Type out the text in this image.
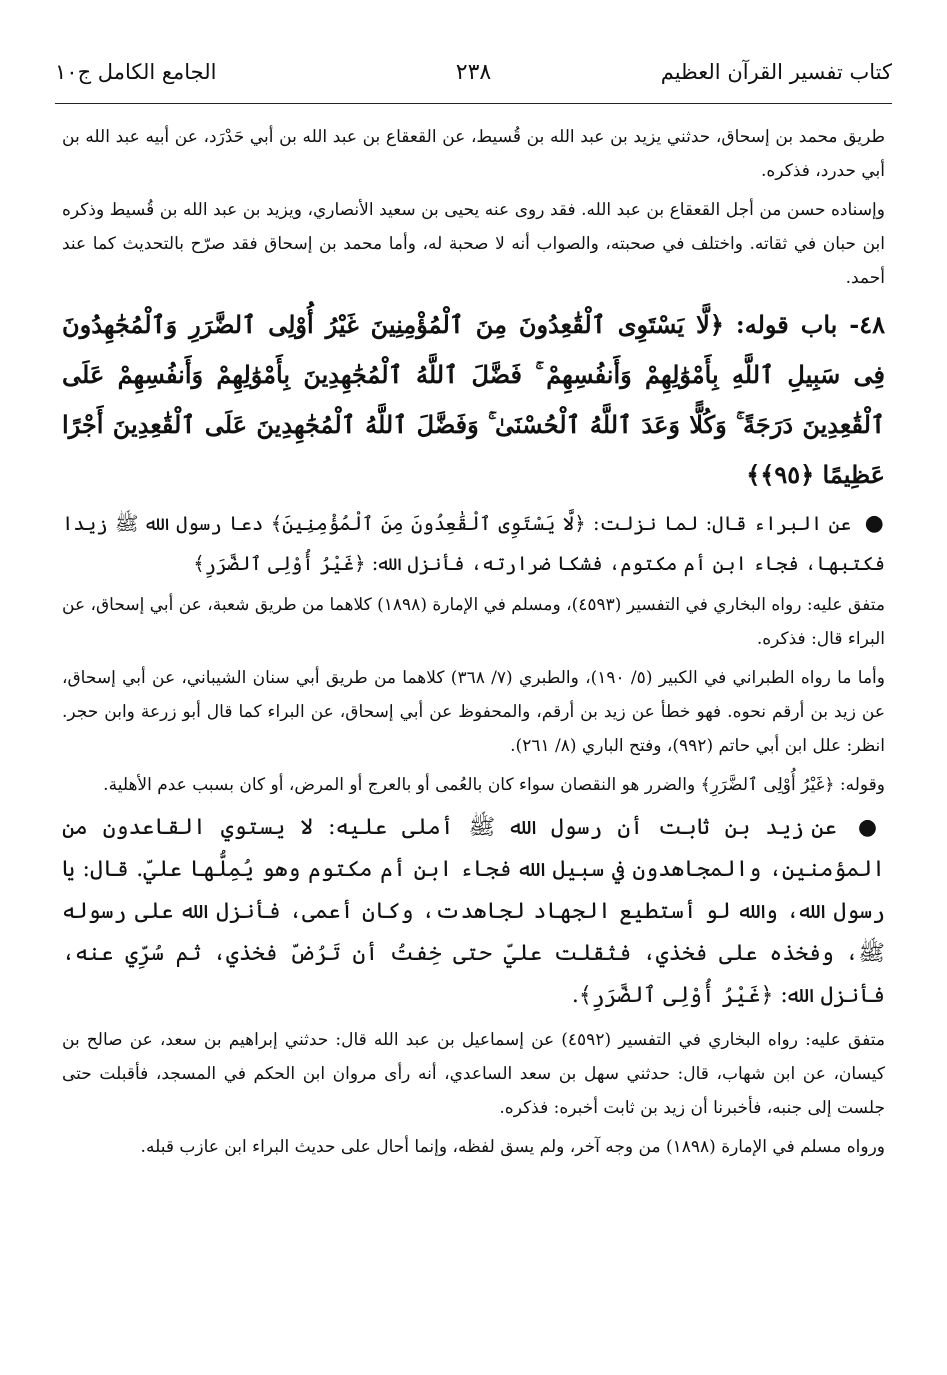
كتاب تفسير القرآن العظيم
٢٣٨
الجامع الكامل ج١٠

طريق محمد بن إسحاق، حدثني يزيد بن عبد الله بن قُسيط، عن القعقاع بن عبد الله بن أبي حَدْرَد، عن أبيه عبد الله بن أبي حدرد، فذكره.

وإسناده حسن من أجل القعقاع بن عبد الله. فقد روى عنه يحيى بن سعيد الأنصاري، ويزيد بن عبد الله بن قُسيط وذكره ابن حبان في ثقاته. واختلف في صحبته، والصواب أنه لا صحبة له، وأما محمد بن إسحاق فقد صرّح بالتحديث كما عند أحمد.

٤٨- باب قوله: ﴿لَّا يَسْتَوِى ٱلْقَٰعِدُونَ مِنَ ٱلْمُؤْمِنِينَ غَيْرُ أُوْلِى ٱلضَّرَرِ وَٱلْمُجَٰهِدُونَ فِى سَبِيلِ ٱللَّهِ بِأَمْوَٰلِهِمْ وَأَنفُسِهِمْ ۚ فَضَّلَ ٱللَّهُ ٱلْمُجَٰهِدِينَ بِأَمْوَٰلِهِمْ وَأَنفُسِهِمْ عَلَى ٱلْقَٰعِدِينَ دَرَجَةً ۚ وَكُلًّا وَعَدَ ٱللَّهُ ٱلْحُسْنَىٰ ۚ وَفَضَّلَ ٱللَّهُ ٱلْمُجَٰهِدِينَ عَلَى ٱلْقَٰعِدِينَ أَجْرًا عَظِيمًا ﴿٩٥﴾﴾

● عن البراء قال: لما نزلت: ﴿لَّا يَسْتَوِى ٱلْقَٰعِدُونَ مِنَ ٱلْمُؤْمِنِينَ﴾ دعا رسول الله ﷺ زيدا فكتبها، فجاء ابن أم مكتوم، فشكا ضرارته، فأنزل الله: ﴿غَيْرُ أُوْلِى ٱلضَّرَرِ﴾

متفق عليه: رواه البخاري في التفسير (٤٥٩٣)، ومسلم في الإمارة (١٨٩٨) كلاهما من طريق شعبة، عن أبي إسحاق، عن البراء قال: فذكره.

وأما ما رواه الطبراني في الكبير (٥/ ١٩٠)، والطبري (٧/ ٣٦٨) كلاهما من طريق أبي سنان الشيباني، عن أبي إسحاق، عن زيد بن أرقم نحوه. فهو خطأ عن زيد بن أرقم، والمحفوظ عن أبي إسحاق، عن البراء كما قال أبو زرعة وابن حجر. انظر: علل ابن أبي حاتم (٩٩٢)، وفتح الباري (٨/ ٢٦١).

وقوله: ﴿غَيْرُ أُوْلِى ٱلضَّرَرِ﴾ والضرر هو النقصان سواء كان بالعُمى أو بالعرج أو المرض، أو كان بسبب عدم الأهلية.

● عن زيد بن ثابت أن رسول الله ﷺ أملى عليه: لا يستوي القاعدون من المؤمنين، والمجاهدون في سبيل الله فجاء ابن أم مكتوم وهو يُمِلُّها عليّ. قال: يا رسول الله، والله لو أستطيع الجهاد لجاهدت، وكان أعمى، فأنزل الله على رسوله ﷺ، وفخذه على فخذي، فثقلت عليّ حتى خِفتُ أن تَرُضّ فخذي، ثم سُرِّي عنه، فأنزل الله: ﴿غَيْرُ أُوْلِى ٱلضَّرَرِ﴾.

متفق عليه: رواه البخاري في التفسير (٤٥٩٢) عن إسماعيل بن عبد الله قال: حدثني إبراهيم بن سعد، عن صالح بن كيسان، عن ابن شهاب، قال: حدثني سهل بن سعد الساعدي، أنه رأى مروان ابن الحكم في المسجد، فأقبلت حتى جلست إلى جنبه، فأخبرنا أن زيد بن ثابت أخبره: فذكره.

ورواه مسلم في الإمارة (١٨٩٨) من وجه آخر، ولم يسق لفظه، وإنما أحال على حديث البراء ابن عازب قبله.
